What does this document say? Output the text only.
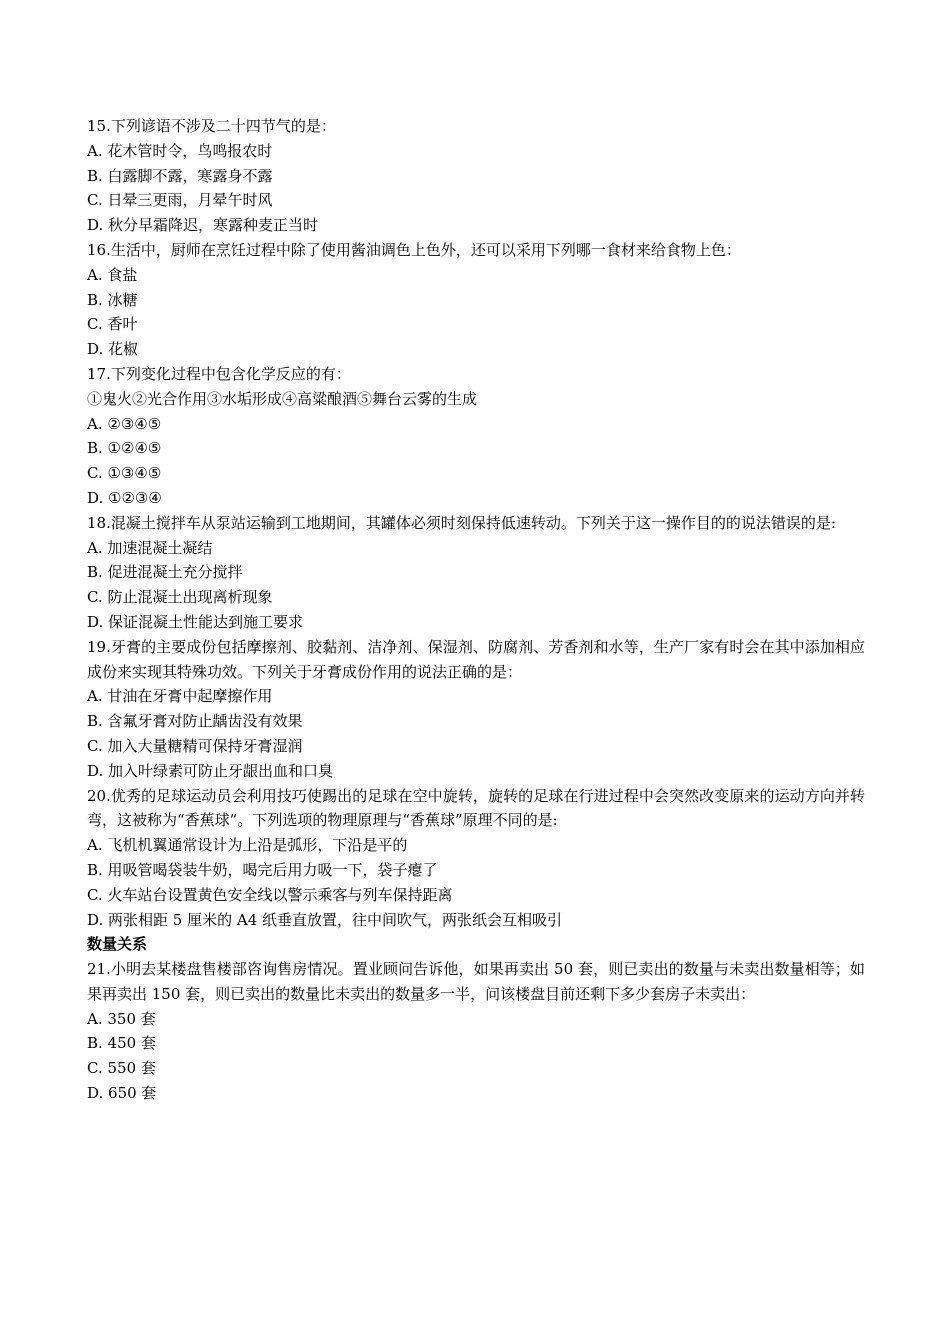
15.下列谚语不涉及二十四节气的是：

A. 花木管时令，鸟鸣报农时

B. 白露脚不露，寒露身不露

C. 日晕三更雨，月晕午时风

D. 秋分早霜降迟，寒露种麦正当时

16.生活中，厨师在烹饪过程中除了使用酱油调色上色外，还可以采用下列哪一食材来给食物上色：

A. 食盐

B. 冰糖

C. 香叶

D. 花椒

17.下列变化过程中包含化学反应的有：

①鬼火②光合作用③水垢形成④高粱酿酒⑤舞台云雾的生成

A. ②③④⑤

B. ①②④⑤

C. ①③④⑤

D. ①②③④

18.混凝土搅拌车从泵站运输到工地期间，其罐体必须时刻保持低速转动。下列关于这一操作目的的说法错误的是:

A. 加速混凝土凝结

B. 促进混凝土充分搅拌

C. 防止混凝土出现离析现象

D. 保证混凝土性能达到施工要求

19.牙膏的主要成份包括摩擦剂、胶黏剂、洁净剂、保湿剂、防腐剂、芳香剂和水等，生产厂家有时会在其中添加相应成份来实现其特殊功效。下列关于牙膏成份作用的说法正确的是：

A. 甘油在牙膏中起摩擦作用

B. 含氟牙膏对防止龋齿没有效果

C. 加入大量糖精可保持牙膏湿润

D. 加入叶绿素可防止牙龈出血和口臭

20.优秀的足球运动员会利用技巧使踢出的足球在空中旋转，旋转的足球在行进过程中会突然改变原来的运动方向并转弯，这被称为“香蕉球”。下列选项的物理原理与“香蕉球”原理不同的是:

A. 飞机机翼通常设计为上沿是弧形，下沿是平的

B. 用吸管喝袋装牛奶，喝完后用力吸一下，袋子瘪了

C. 火车站台设置黄色安全线以警示乘客与列车保持距离

D. 两张相距 5 厘米的 A4 纸垂直放置，往中间吹气，两张纸会互相吸引

数量关系

21.小明去某楼盘售楼部咨询售房情况。置业顾问告诉他，如果再卖出 50 套，则已卖出的数量与未卖出数量相等；如果再卖出 150 套，则已卖出的数量比未卖出的数量多一半，问该楼盘目前还剩下多少套房子未卖出：

A. 350 套

B. 450 套

C. 550 套

D. 650 套
